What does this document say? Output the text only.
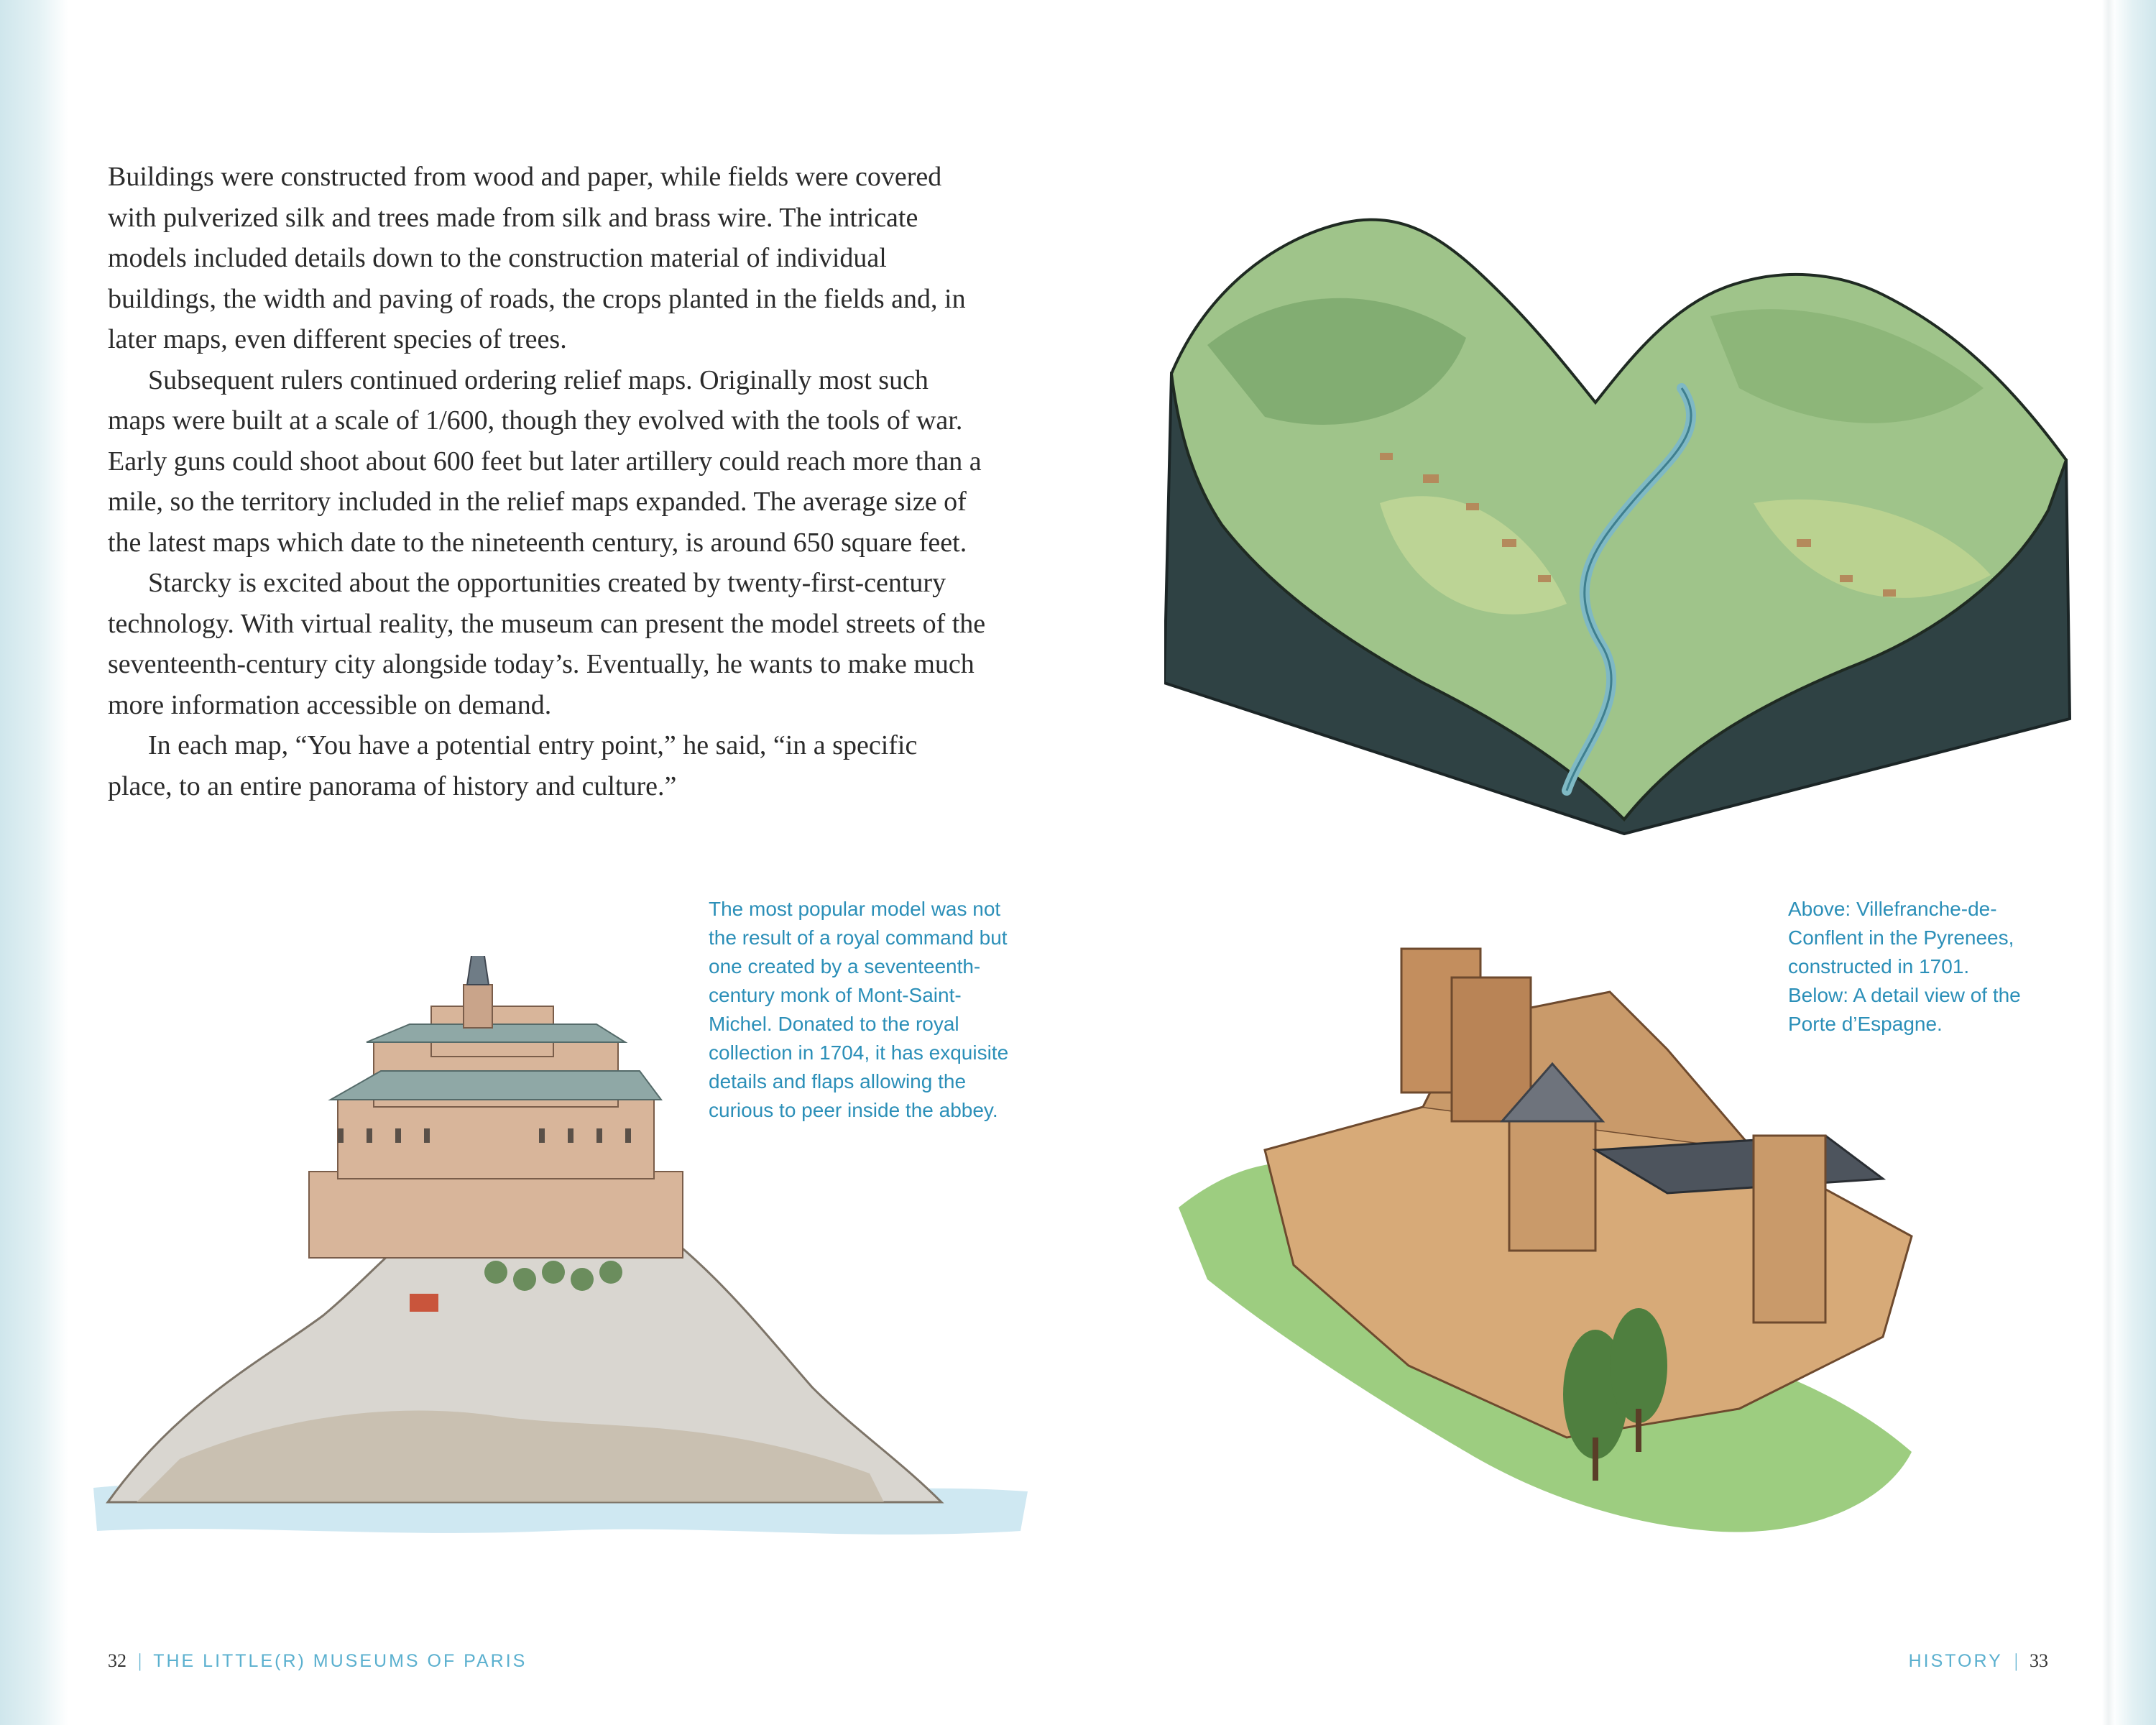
Buildings were constructed from wood and paper, while fields were covered with pulverized silk and trees made from silk and brass wire. The intricate models included details down to the construction material of individual buildings, the width and paving of roads, the crops planted in the fields and, in later maps, even different species of trees.

Subsequent rulers continued ordering relief maps. Originally most such maps were built at a scale of 1/600, though they evolved with the tools of war. Early guns could shoot about 600 feet but later artillery could reach more than a mile, so the territory included in the relief maps expanded. The average size of the latest maps which date to the nineteenth century, is around 650 square feet.

Starcky is excited about the opportunities created by twenty-first-century technology. With virtual reality, the museum can present the model streets of the seventeenth-century city alongside today’s. Eventually, he wants to make much more information accessible on demand.

In each map, “You have a potential entry point,” he said, “in a specific place, to an entire panorama of history and culture.”

The most popular model was not the result of a royal command but one created by a seventeenth-century monk of Mont-Saint-Michel. Donated to the royal collection in 1704, it has exquisite details and flaps allowing the curious to peer inside the abbey.
Above: Villefranche-de-Conflent in the Pyrenees, constructed in 1701.
Below: A detail view of the Porte d’Espagne.
32 | THE LITTLE(R) MUSEUMS OF PARIS	HISTORY | 33
